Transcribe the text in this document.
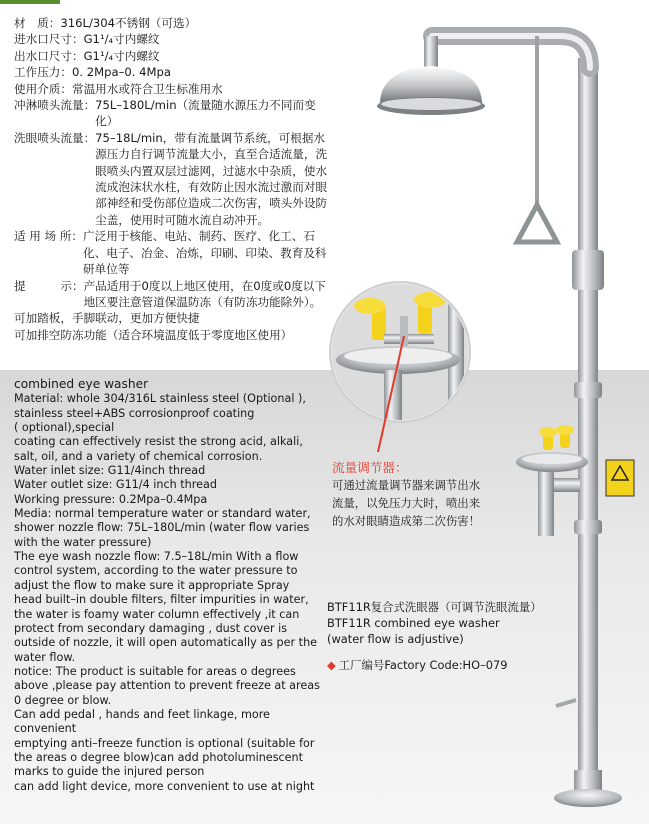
材　质： 316L/304不锈钢（可选）
进水口尺寸： G1¹/₄寸内螺纹
出水口尺寸： G1¹/₄寸内螺纹
工作压力： 0. 2Mpa–0. 4Mpa
使用介质： 常温用水或符合卫生标准用水
冲淋喷头流量： 75L–180L/min（流量随水源压力不同而变化）
洗眼喷头流量： 75–18L/min，带有流量调节系统，可根据水源压力自行调节流量大小，直至合适流量，洗眼喷头内置双层过滤网，过滤水中杂质，使水流成泡沫状水柱，有效防止因水流过激而对眼部神经和受伤部位造成二次伤害，喷头外设防尘盖，使用时可随水流自动冲开。
适 用 场 所： 广泛用于核能、电站、制药、医疗、化工、石化、电子、冶金、冶炼，印刷、印染、教育及科研单位等
提　　　示： 产品适用于0度以上地区使用，在0度或0度以下地区要注意管道保温防冻（有防冻功能除外）。
可加踏板，手脚联动，更加方便快捷
可加排空防冻功能（适合环境温度低于零度地区使用）

combined eye washer

Material: whole 304/316L stainless steel (Optional ),

stainless steel+ABS corrosionproof coating

( optional),special

coating can effectively resist the strong acid, alkali,

salt, oil, and a variety of chemical corrosion.

Water inlet size: G11/4inch thread

Water outlet size: G11/4 inch thread

Working pressure: 0.2Mpa–0.4Mpa

Media: normal temperature water or standard water,

shower nozzle flow: 75L–180L/min (water flow varies

with the water pressure)

The eye wash nozzle flow: 7.5–18L/min With a flow

control system, according to the water pressure to

adjust the flow to make sure it appropriate Spray

head built–in double filters, filter impurities in water,

the water is foamy water column effectively ,it can

protect from secondary damaging , dust cover is

outside of nozzle, it will open automatically as per the

water flow.

notice: The product is suitable for areas o degrees

above ,please pay attention to prevent freeze at areas

0 degree or blow.

Can add pedal , hands and feet linkage, more convenient

emptying anti–freeze function is optional (suitable for

the areas o degree blow)can add photoluminescent

marks to guide the injured person

can add light device, more convenient to use at night

流量调节器：
可通过流量调节器来调节出水
流量，以免压力大时，喷出来
的水对眼睛造成第二次伤害！

BTF11R复合式洗眼器（可调节洗眼流量）

BTF11R combined eye washer

(water flow is adjustive)

◆ 工厂编号Factory Code:HO–079
